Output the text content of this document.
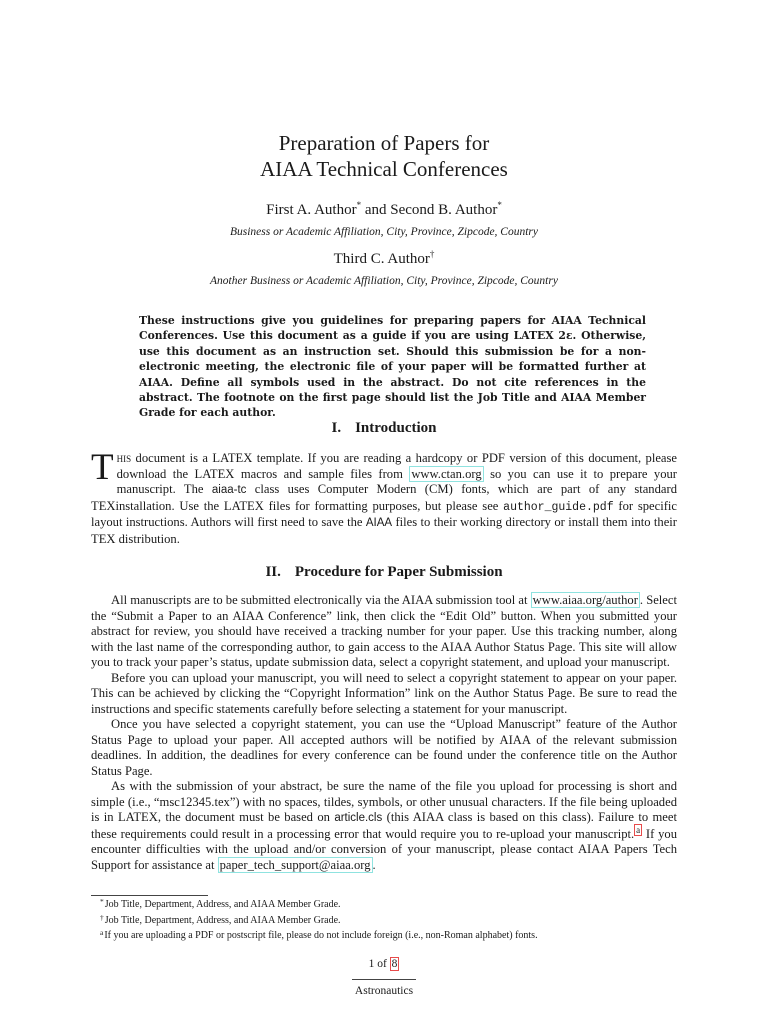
Preparation of Papers for
AIAA Technical Conferences
First A. Author* and Second B. Author*
Business or Academic Affiliation, City, Province, Zipcode, Country
Third C. Author†
Another Business or Academic Affiliation, City, Province, Zipcode, Country

These instructions give you guidelines for preparing papers for AIAA Technical Conferences. Use this document as a guide if you are using LATEX 2ε. Otherwise, use this document as an instruction set. Should this submission be for a non-electronic meeting, the electronic file of your paper will be formatted further at AIAA. Define all symbols used in the abstract. Do not cite references in the abstract. The footnote on the first page should list the Job Title and AIAA Member Grade for each author.

I. Introduction

This document is a LATEX template. If you are reading a hardcopy or PDF version of this document, please download the LATEX macros and sample files from www.ctan.org so you can use it to prepare your manuscript. The aiaa-tc class uses Computer Modern (CM) fonts, which are part of any standard TEXinstallation. Use the LATEX files for formatting purposes, but please see author_guide.pdf for specific layout instructions. Authors will first need to save the AIAA files to their working directory or install them into their TEX distribution.

II. Procedure for Paper Submission

All manuscripts are to be submitted electronically via the AIAA submission tool at www.aiaa.org/author . Select the “Submit a Paper to an AIAA Conference” link, then click the “Edit Old” button. When you submitted your abstract for review, you should have received a tracking number for your paper. Use this tracking number, along with the last name of the corresponding author, to gain access to the AIAA Author Status Page. This site will allow you to track your paper’s status, update submission data, select a copyright statement, and upload your manuscript.

Before you can upload your manuscript, you will need to select a copyright statement to appear on your paper. This can be achieved by clicking the “Copyright Information” link on the Author Status Page. Be sure to read the instructions and specific statements carefully before selecting a statement for your manuscript.

Once you have selected a copyright statement, you can use the “Upload Manuscript” feature of the Author Status Page to upload your paper. All accepted authors will be notified by AIAA of the relevant submission deadlines. In addition, the deadlines for every conference can be found under the conference title on the Author Status Page.

As with the submission of your abstract, be sure the name of the file you upload for processing is short and simple (i.e., “msc12345.tex”) with no spaces, tildes, symbols, or other unusual characters. If the file being uploaded is in LATEX, the document must be based on article.cls (this AIAA class is based on this class). Failure to meet these requirements could result in a processing error that would require you to re-upload your manuscript. $^a$ If you encounter difficulties with the upload and/or conversion of your manuscript, please contact AIAA Papers Tech Support for assistance at paper_tech_support@aiaa.org .

*Job Title, Department, Address, and AIAA Member Grade.
†Job Title, Department, Address, and AIAA Member Grade.
$^a$If you are uploading a PDF or postscript file, please do not include foreign (i.e., non-Roman alphabet) fonts.
1 of 8
Astronautics
